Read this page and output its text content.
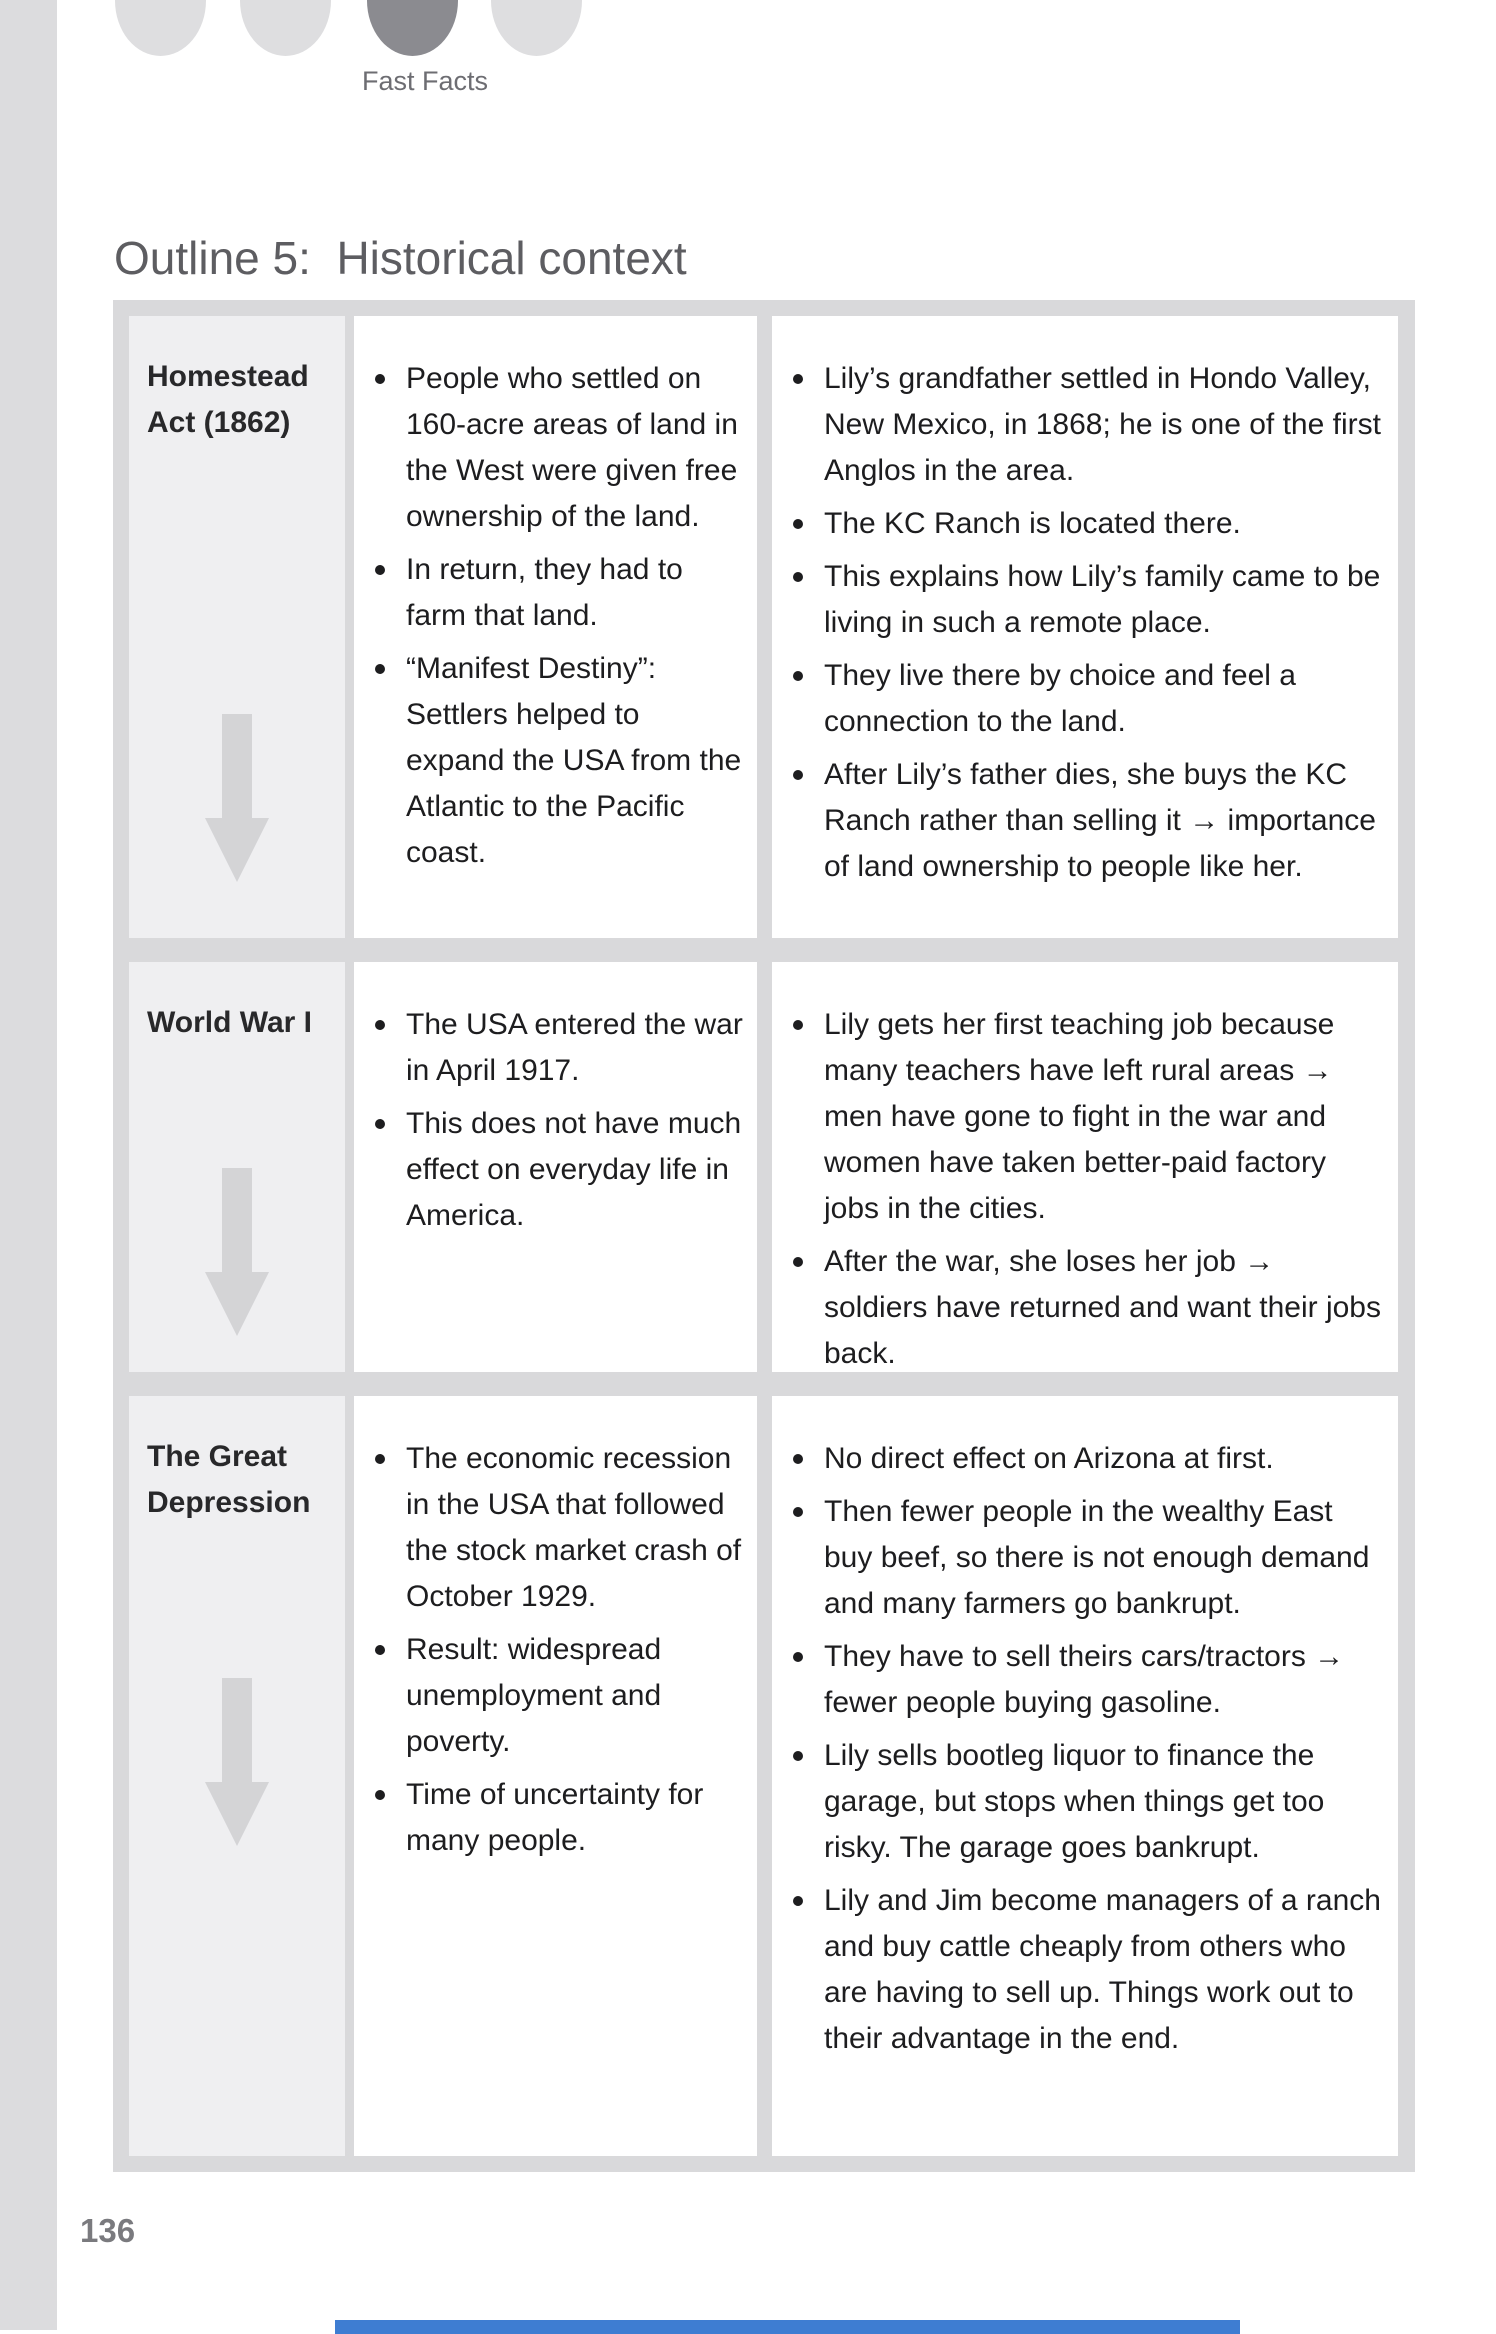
Fast Facts
Outline 5:  Historical context
Homestead Act (1862)
People who settled on 160-acre areas of land in the West were given free ownership of the land.
In return, they had to farm that land.
“Manifest Destiny”: Settlers helped to expand the USA from the Atlantic to the Pacific coast.
Lily’s grandfather settled in Hondo Valley, New Mexico, in 1868; he is one of the first Anglos in the area.
The KC Ranch is located there.
This explains how Lily’s family came to be living in such a remote place.
They live there by choice and feel a connection to the land.
After Lily’s father dies, she buys the KC Ranch rather than selling it → importance of land ownership to people like her.
World War I	The USA entered the war in April 1917.
This does not have much effect on everyday life in America.
Lily gets her first teaching job because many teachers have left rural areas → men have gone to fight in the war and women have taken better-paid factory jobs in the cities.
After the war, she loses her job → soldiers have returned and want their jobs back.
The Great Depression
The economic recession in the USA that followed the stock market crash of October 1929.
Result: widespread unemployment and poverty.
Time of uncertainty for many people.
No direct effect on Arizona at first.
Then fewer people in the wealthy East buy beef, so there is not enough demand and many farmers go bankrupt.
They have to sell theirs cars/tractors → fewer people buying gasoline.
Lily sells bootleg liquor to finance the garage, but stops when things get too risky. The garage goes bankrupt.
Lily and Jim become managers of a ranch and buy cattle cheaply from others who are having to sell up. Things work out to their advantage in the end.
136
